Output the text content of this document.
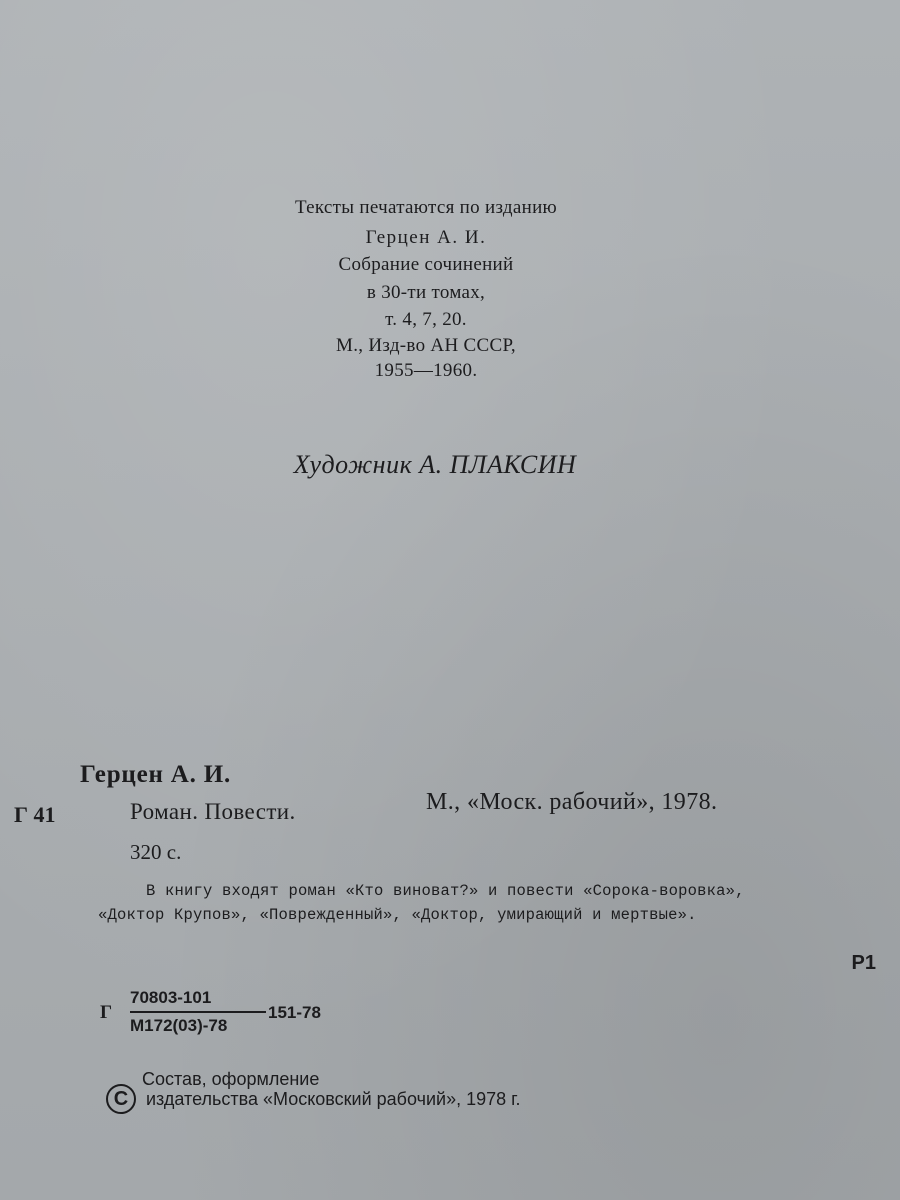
Тексты печатаются по изданию
Герцен А. И.
Собрание сочинений
в 30-ти томах,
т. 4, 7, 20.
М., Изд-во АН СССР,
1955—1960.
Художник А. ПЛАКСИН
Герцен А. И.
Г 41	Роман. Повести.	М., «Моск. рабочий», 1978.
320 с.
В книгу входят роман «Кто виноват?» и повести «Сорока-воровка»,
«Доктор Крупов», «Поврежденный», «Доктор, умирающий и мертвые».
Р1
Г
70803-101
М172(03)-78
151-78
C
Состав, оформление
издательства «Московский рабочий», 1978 г.
